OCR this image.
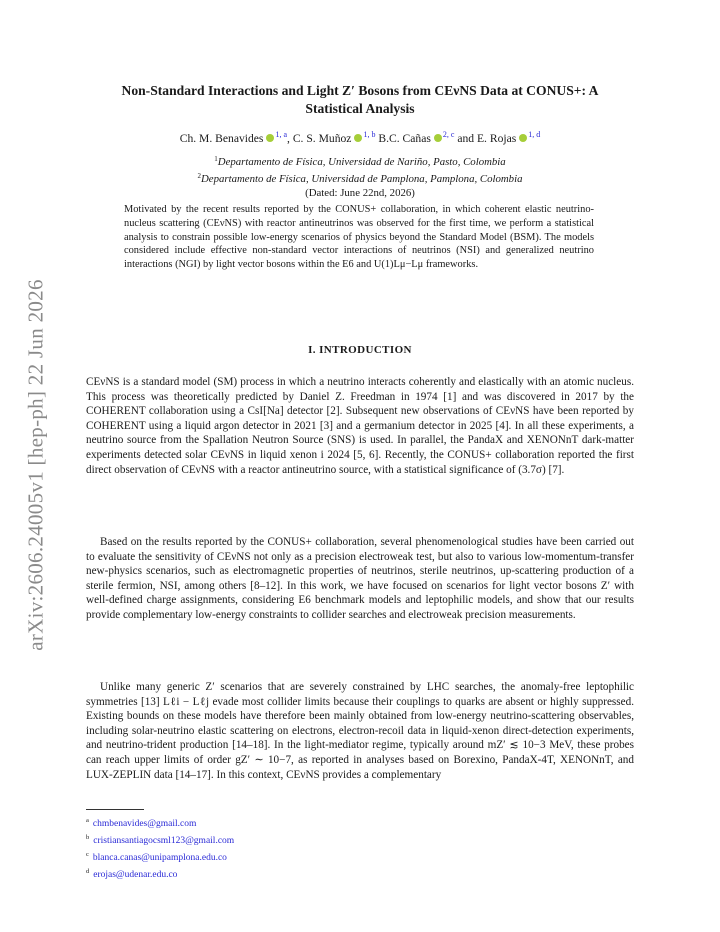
arXiv:2606.24005v1 [hep-ph] 22 Jun 2026
Non-Standard Interactions and Light Z′ Bosons from CEνNS Data at CONUS+: A Statistical Analysis
Ch. M. Benavides $^{1, a}$, C. S. Muñoz $^{1, b}$ B.C. Cañas $^{2, c}$ and E. Rojas $^{1, d}$
$^1$Departamento de Física, Universidad de Nariño, Pasto, Colombia
$^2$Departamento de Física, Universidad de Pamplona, Pamplona, Colombia
(Dated: June 22nd, 2026)
Motivated by the recent results reported by the CONUS+ collaboration, in which coherent elastic neutrino-nucleus scattering (CEνNS) with reactor antineutrinos was observed for the first time, we perform a statistical analysis to constrain possible low-energy scenarios of physics beyond the Standard Model (BSM). The models considered include effective non-standard vector interactions of neutrinos (NSI) and generalized neutrino interactions (NGI) by light vector bosons within the E6 and U(1)Lμ−Lμ frameworks.
I. INTRODUCTION
CEνNS is a standard model (SM) process in which a neutrino interacts coherently and elastically with an atomic nucleus. This process was theoretically predicted by Daniel Z. Freedman in 1974 [1] and was discovered in 2017 by the COHERENT collaboration using a CsI[Na] detector [2]. Subsequent new observations of CEνNS have been reported by COHERENT using a liquid argon detector in 2021 [3] and a germanium detector in 2025 [4]. In all these experiments, a neutrino source from the Spallation Neutron Source (SNS) is used. In parallel, the PandaX and XENONnT dark-matter experiments detected solar CEνNS in liquid xenon i 2024 [5, 6]. Recently, the CONUS+ collaboration reported the first direct observation of CEνNS with a reactor antineutrino source, with a statistical significance of (3.7σ) [7].
Based on the results reported by the CONUS+ collaboration, several phenomenological studies have been carried out to evaluate the sensitivity of CEνNS not only as a precision electroweak test, but also to various low-momentum-transfer new-physics scenarios, such as electromagnetic properties of neutrinos, sterile neutrinos, up-scattering production of a sterile fermion, NSI, among others [8–12]. In this work, we have focused on scenarios for light vector bosons Z′ with well-defined charge assignments, considering E6 benchmark models and leptophilic models, and show that our results provide complementary low-energy constraints to collider searches and electroweak precision measurements.
Unlike many generic Z′ scenarios that are severely constrained by LHC searches, the anomaly-free leptophilic symmetries [13] Lℓi − Lℓj evade most collider limits because their couplings to quarks are absent or highly suppressed. Existing bounds on these models have therefore been mainly obtained from low-energy neutrino-scattering observables, including solar-neutrino elastic scattering on electrons, electron-recoil data in liquid-xenon direct-detection experiments, and neutrino-trident production [14–18]. In the light-mediator regime, typically around mZ′ ≲ 10−3 MeV, these probes can reach upper limits of order gZ′ ∼ 10−7, as reported in analyses based on Borexino, PandaX-4T, XENONnT, and LUX-ZEPLIN data [14–17]. In this context, CEνNS provides a complementary
$^a$ chmbenavides@gmail.com
$^b$ cristiansantiagocsml123@gmail.com
$^c$ blanca.canas@unipamplona.edu.co
$^d$ erojas@udenar.edu.co
